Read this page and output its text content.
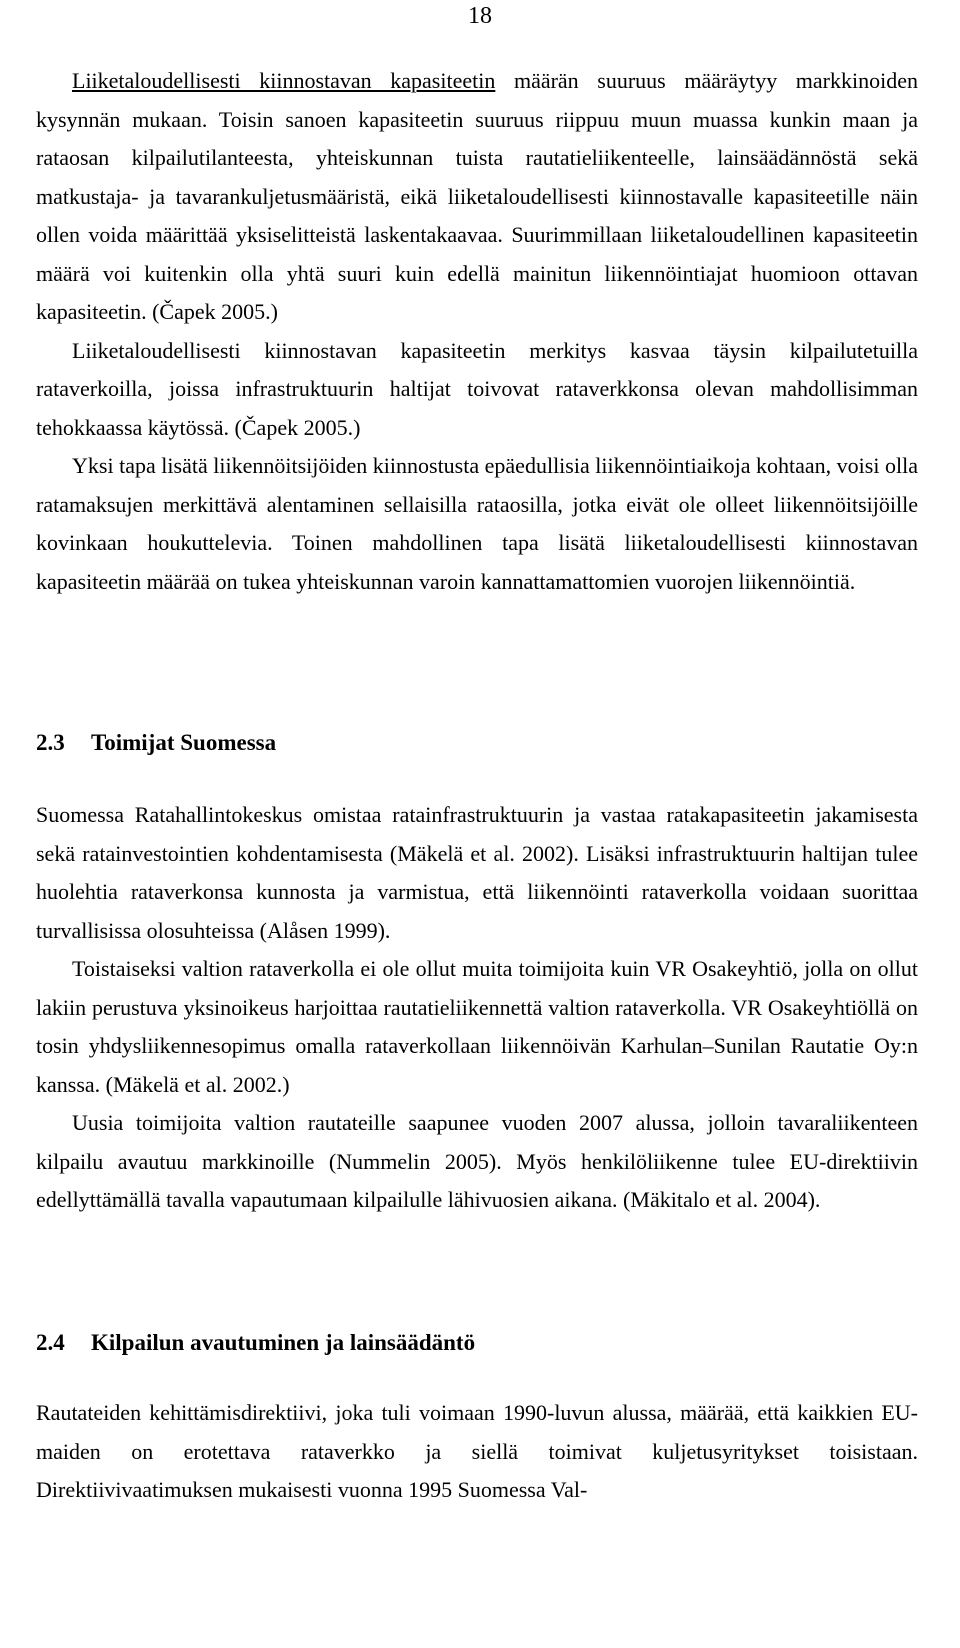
18

Liiketaloudellisesti kiinnostavan kapasiteetin määrän suuruus määräytyy markkinoiden kysynnän mukaan. Toisin sanoen kapasiteetin suuruus riippuu muun muassa kunkin maan ja rataosan kilpailutilanteesta, yhteiskunnan tuista rautatieliikenteelle, lainsäädännöstä sekä matkustaja- ja tavarankuljetusmääristä, eikä liiketaloudellisesti kiinnostavalle kapasiteetille näin ollen voida määrittää yksiselitteistä laskentakaavaa. Suurimmillaan liiketaloudellinen kapasiteetin määrä voi kuitenkin olla yhtä suuri kuin edellä mainitun liikennöintiajat huomioon ottavan kapasiteetin. (Čapek 2005.)

Liiketaloudellisesti kiinnostavan kapasiteetin merkitys kasvaa täysin kilpailutetuilla rataverkoilla, joissa infrastruktuurin haltijat toivovat rataverkkonsa olevan mahdollisimman tehokkaassa käytössä. (Čapek 2005.)

Yksi tapa lisätä liikennöitsijöiden kiinnostusta epäedullisia liikennöintiaikoja kohtaan, voisi olla ratamaksujen merkittävä alentaminen sellaisilla rataosilla, jotka eivät ole olleet liikennöitsijöille kovinkaan houkuttelevia. Toinen mahdollinen tapa lisätä liiketaloudellisesti kiinnostavan kapasiteetin määrää on tukea yhteiskunnan varoin kannattamattomien vuorojen liikennöintiä.

2.3 Toimijat Suomessa

Suomessa Ratahallintokeskus omistaa ratainfrastruktuurin ja vastaa ratakapasiteetin jakamisesta sekä ratainvestointien kohdentamisesta (Mäkelä et al. 2002). Lisäksi infrastruktuurin haltijan tulee huolehtia rataverkonsa kunnosta ja varmistua, että liikennöinti rataverkolla voidaan suorittaa turvallisissa olosuhteissa (Alåsen 1999).

Toistaiseksi valtion rataverkolla ei ole ollut muita toimijoita kuin VR Osakeyhtiö, jolla on ollut lakiin perustuva yksinoikeus harjoittaa rautatieliikennettä valtion rataverkolla. VR Osakeyhtiöllä on tosin yhdysliikennesopimus omalla rataverkollaan liikennöivän Karhulan–Sunilan Rautatie Oy:n kanssa. (Mäkelä et al. 2002.)

Uusia toimijoita valtion rautateille saapunee vuoden 2007 alussa, jolloin tavaraliikenteen kilpailu avautuu markkinoille (Nummelin 2005). Myös henkilöliikenne tulee EU-direktiivin edellyttämällä tavalla vapautumaan kilpailulle lähivuosien aikana. (Mäkitalo et al. 2004).

2.4 Kilpailun avautuminen ja lainsäädäntö

Rautateiden kehittämisdirektiivi, joka tuli voimaan 1990-luvun alussa, määrää, että kaikkien EU-maiden on erotettava rataverkko ja siellä toimivat kuljetusyritykset toisistaan. Direktiivivaatimuksen mukaisesti vuonna 1995 Suomessa Val-
